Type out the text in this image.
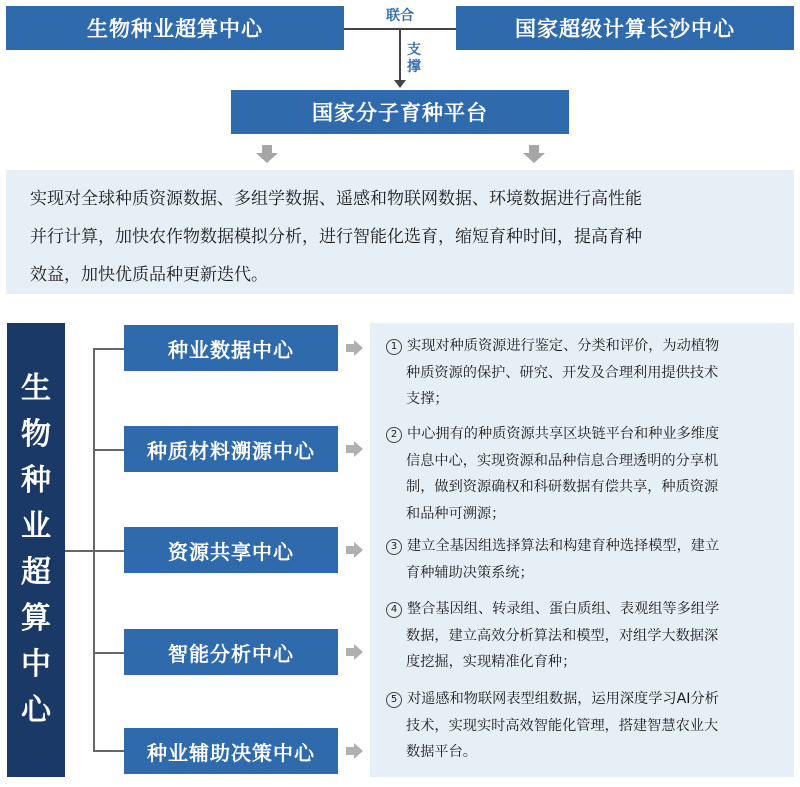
生物种业超算中心	国家超级计算长沙中心
联合
支
撑
国家分子育种平台

实现对全球种质资源数据、多组学数据、遥感和物联网数据、环境数据进行高性能

并行计算，加快农作物数据模拟分析，进行智能化选育，缩短育种时间，提高育种

效益，加快优质品种更新迭代。

生
物
种
业
超
算
中
心
种业数据中心
种质材料溯源中心
资源共享中心
智能分析中心
种业辅助决策中心
1 实现对种质资源进行鉴定、分类和评价，为动植物
种质资源的保护、研究、开发及合理利用提供技术
支撑；
2 中心拥有的种质资源共享区块链平台和种业多维度
信息中心，实现资源和品种信息合理透明的分享机
制，做到资源确权和科研数据有偿共享，种质资源
和品种可溯源；
3 建立全基因组选择算法和构建育种选择模型，建立
育种辅助决策系统；
4 整合基因组、转录组、蛋白质组、表观组等多组学
数据，建立高效分析算法和模型，对组学大数据深
度挖掘，实现精准化育种；
5 对遥感和物联网表型组数据，运用深度学习AI分析
技术，实现实时高效智能化管理，搭建智慧农业大
数据平台。
